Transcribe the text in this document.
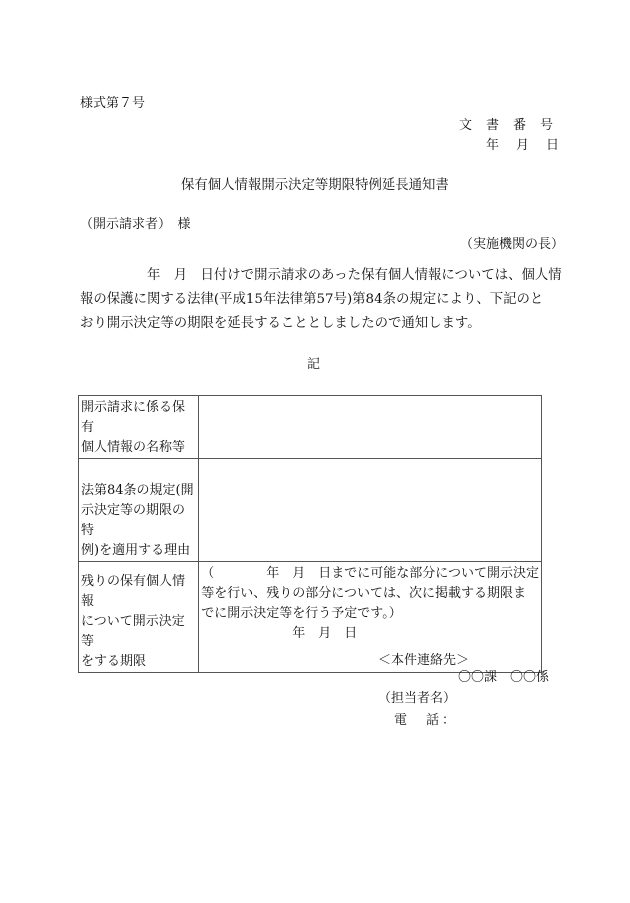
様式第７号
文書番号
年　月　日
保有個人情報開示決定等期限特例延長通知書
（開示請求者）　様
（実施機関の長）
　　　　　年　月　日付けで開示請求のあった保有個人情報については、個人情
報の保護に関する法律(平成15年法律第57号)第84条の規定により、下記のと
おり開示決定等の期限を延長することとしましたので通知します。
記
開示請求に係る保有
個人情報の名称等	

法第84条の規定(開
示決定等の期限の特
例)を適用する理由	

残りの保有個人情報
について開示決定等
をする期限	（　　　　年　月　日までに可能な部分について開示決定
等を行い、残りの部分については、次に掲載する期限ま
でに開示決定等を行う予定です。）
　　　　　　　年　月　日
＜本件連絡先＞
〇〇課　〇〇係
（担当者名）
　電　話：
